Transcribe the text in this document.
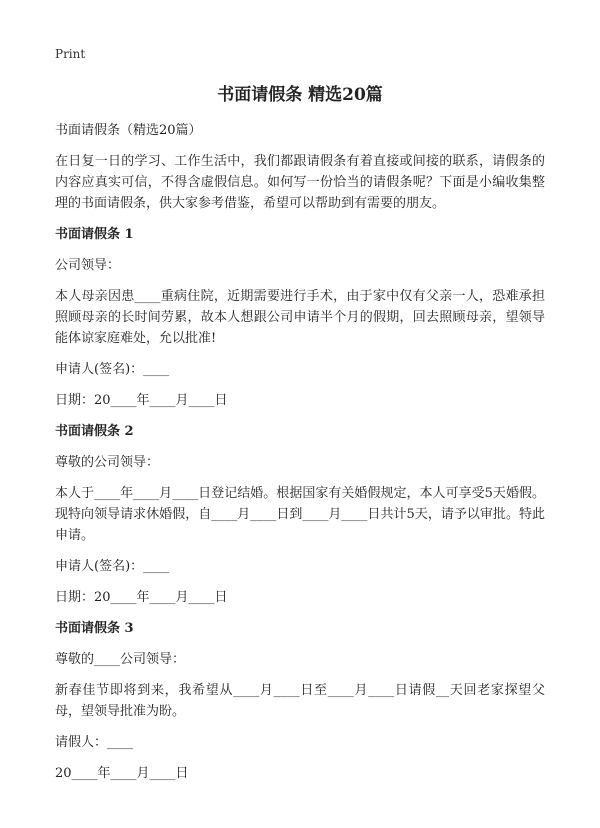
Print
书面请假条 精选20篇

书面请假条（精选20篇）

在日复一日的学习、工作生活中，我们都跟请假条有着直接或间接的联系，请假条的内容应真实可信，不得含虚假信息。如何写一份恰当的请假条呢？下面是小编收集整理的书面请假条，供大家参考借鉴，希望可以帮助到有需要的朋友。

书面请假条 1

公司领导：

本人母亲因患____重病住院，近期需要进行手术，由于家中仅有父亲一人，恐难承担照顾母亲的长时间劳累，故本人想跟公司申请半个月的假期，回去照顾母亲，望领导能体谅家庭难处，允以批准!

申请人(签名)：____

日期：20____年____月____日

书面请假条 2

尊敬的公司领导：

本人于____年____月____日登记结婚。根据国家有关婚假规定，本人可享受5天婚假。现特向领导请求休婚假，自____月____日到____月____日共计5天，请予以审批。特此申请。

申请人(签名)：____

日期：20____年____月____日

书面请假条 3

尊敬的____公司领导：

新春佳节即将到来，我希望从____月____日至____月____日请假__天回老家探望父母，望领导批准为盼。

请假人：____

20____年____月____日
